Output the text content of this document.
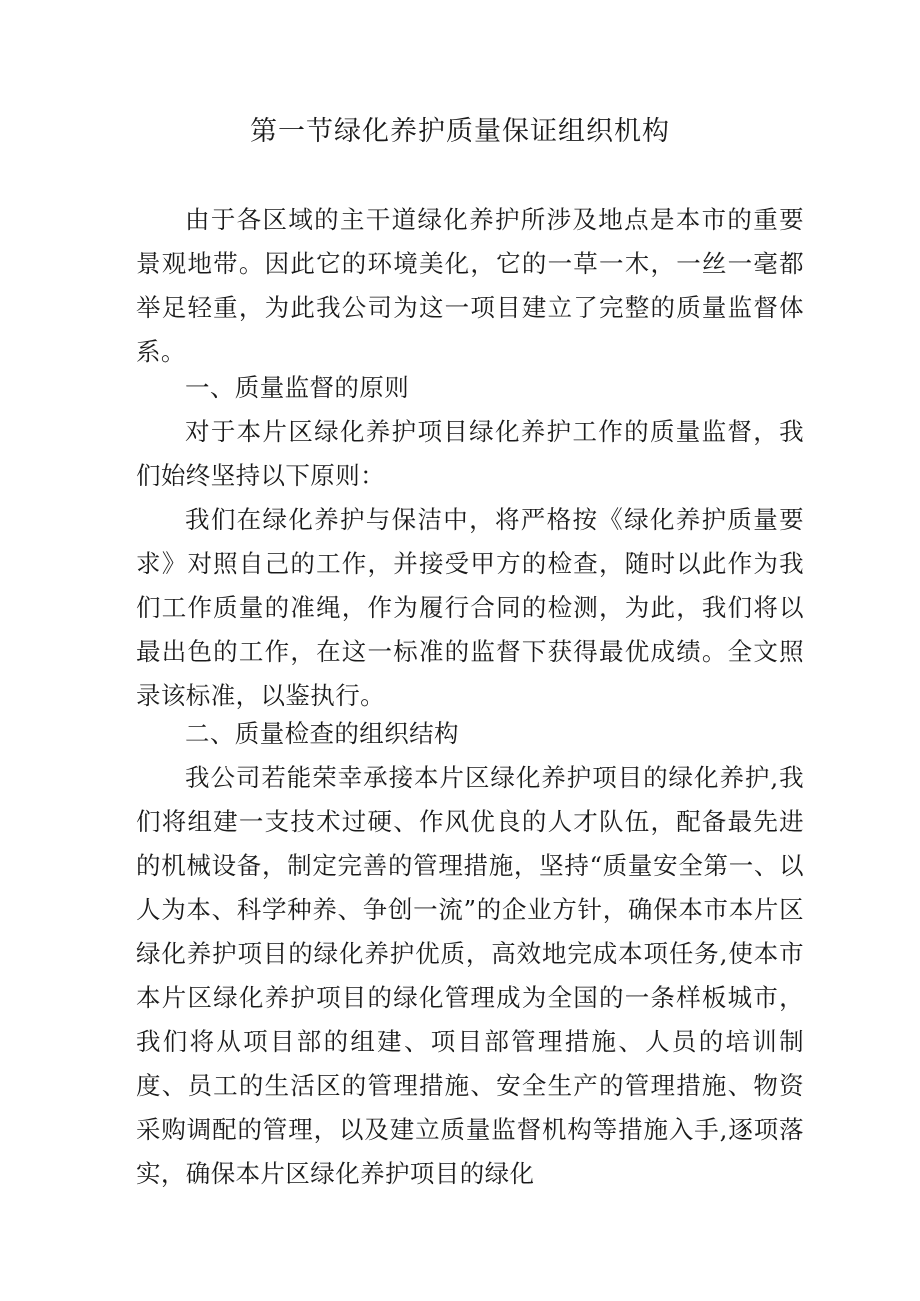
第一节绿化养护质量保证组织机构

由于各区域的主干道绿化养护所涉及地点是本市的重要景观地带。因此它的环境美化，它的一草一木，一丝一毫都举足轻重，为此我公司为这一项目建立了完整的质量监督体系。

一、质量监督的原则

对于本片区绿化养护项目绿化养护工作的质量监督，我们始终坚持以下原则：

我们在绿化养护与保洁中，将严格按《绿化养护质量要求》对照自己的工作，并接受甲方的检查，随时以此作为我们工作质量的准绳，作为履行合同的检测，为此，我们将以最出色的工作，在这一标准的监督下获得最优成绩。全文照录该标准，以鉴执行。

二、质量检查的组织结构

我公司若能荣幸承接本片区绿化养护项目的绿化养护,我们将组建一支技术过硬、作风优良的人才队伍，配备最先进的机械设备，制定完善的管理措施，坚持“质量安全第一、以人为本、科学种养、争创一流”的企业方针，确保本市本片区绿化养护项目的绿化养护优质，高效地完成本项任务,使本市本片区绿化养护项目的绿化管理成为全国的一条样板城市，我们将从项目部的组建、项目部管理措施、人员的培训制度、员工的生活区的管理措施、安全生产的管理措施、物资采购调配的管理，以及建立质量监督机构等措施入手,逐项落实，确保本片区绿化养护项目的绿化
